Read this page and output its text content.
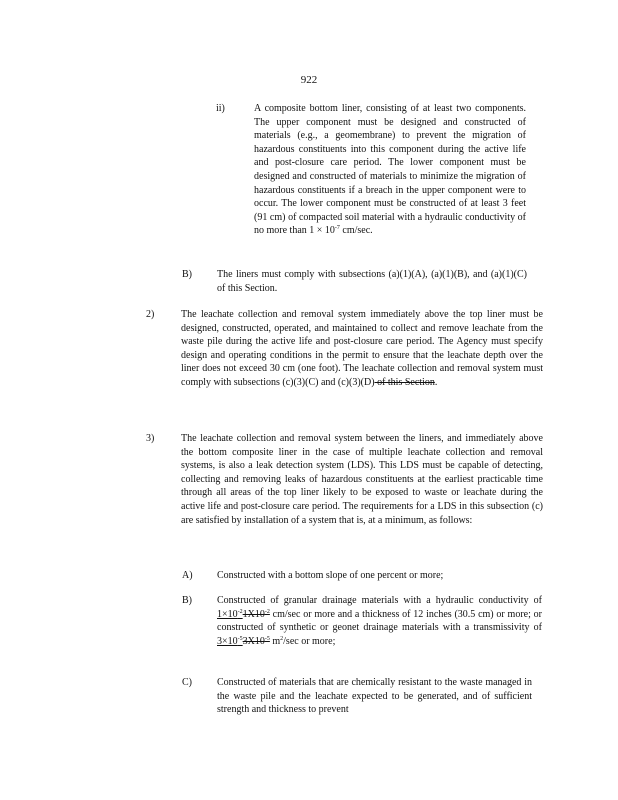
922
ii)	A composite bottom liner, consisting of at least two components. The upper component must be designed and constructed of materials (e.g., a geomembrane) to prevent the migration of hazardous constituents into this component during the active life and post-closure care period. The lower component must be designed and constructed of materials to minimize the migration of hazardous constituents if a breach in the upper component were to occur. The lower component must be constructed of at least 3 feet (91 cm) of compacted soil material with a hydraulic conductivity of no more than $1 \times 10^{-7}$ cm/sec.
B)	The liners must comply with subsections (a)(1)(A), (a)(1)(B), and (a)(1)(C) of this Section.
2)	The leachate collection and removal system immediately above the top liner must be designed, constructed, operated, and maintained to collect and remove leachate from the waste pile during the active life and post-closure care period. The Agency must specify design and operating conditions in the permit to ensure that the leachate depth over the liner does not exceed 30 cm (one foot). The leachate collection and removal system must comply with subsections (c)(3)(C) and (c)(3)(D) of this Section.
3)	The leachate collection and removal system between the liners, and immediately above the bottom composite liner in the case of multiple leachate collection and removal systems, is also a leak detection system (LDS). This LDS must be capable of detecting, collecting and removing leaks of hazardous constituents at the earliest practicable time through all areas of the top liner likely to be exposed to waste or leachate during the active life and post-closure care period. The requirements for a LDS in this subsection (c) are satisfied by installation of a system that is, at a minimum, as follows:
A) Constructed with a bottom slope of one percent or more;
B)	Constructed of granular drainage materials with a hydraulic conductivity of $1\times 10^{-2}1X10^{-2}$ cm/sec or more and a thickness of 12 inches (30.5 cm) or more; or constructed of synthetic or geonet drainage materials with a transmissivity of $3\times 10^{-5}3X10^{-5}$ $m^2/\sec$ or more;
C)	Constructed of materials that are chemically resistant to the waste managed in the waste pile and the leachate expected to be generated, and of sufficient strength and thickness to prevent
